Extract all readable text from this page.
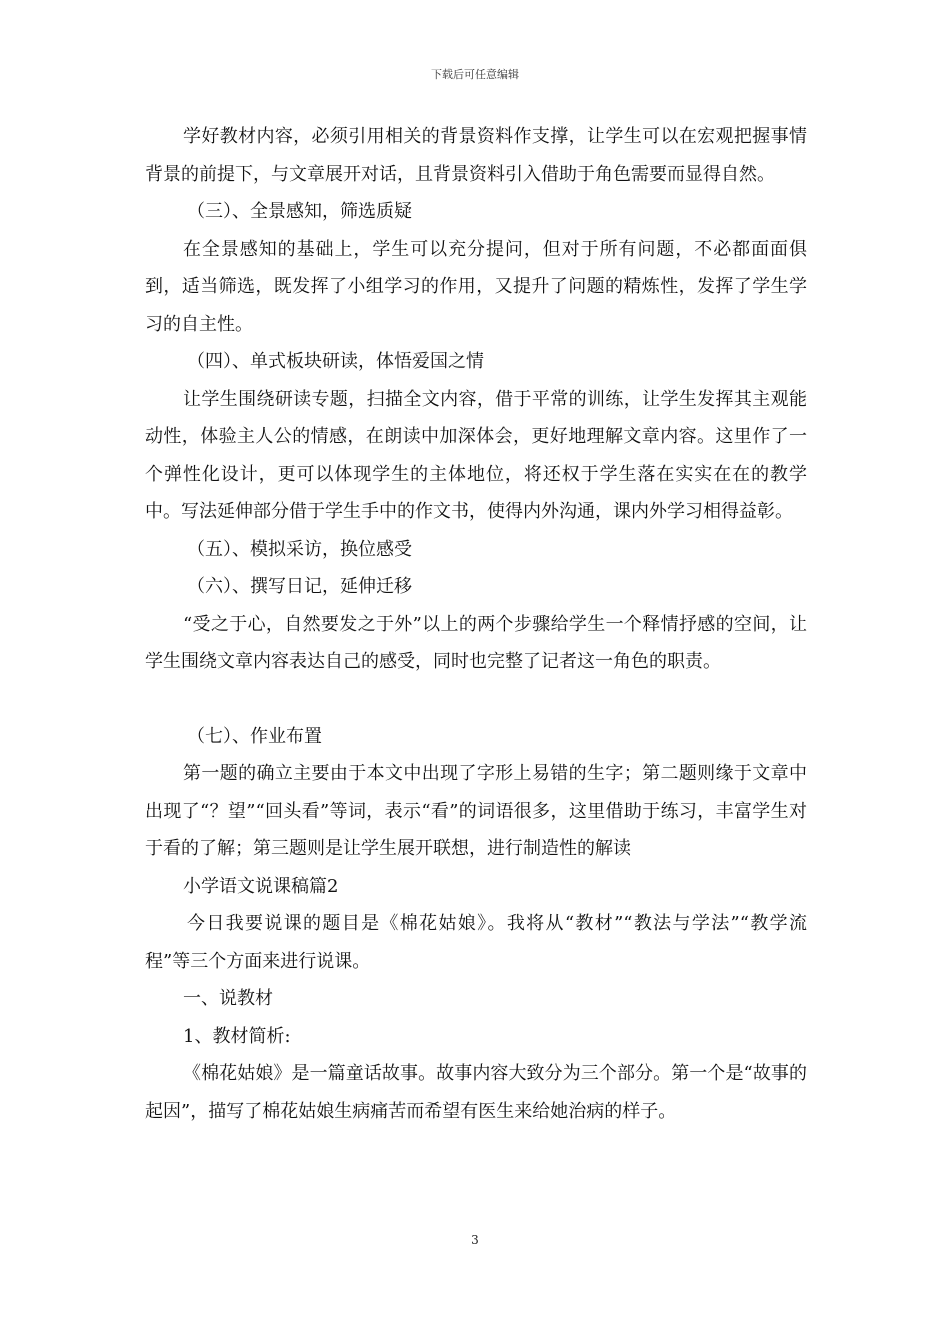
下载后可任意编辑

学好教材内容，必须引用相关的背景资料作支撑，让学生可以在宏观把握事情背景的前提下，与文章展开对话，且背景资料引入借助于角色需要而显得自然。

（三）、全景感知，筛选质疑

在全景感知的基础上，学生可以充分提问，但对于所有问题，不必都面面俱到，适当筛选，既发挥了小组学习的作用，又提升了问题的精炼性，发挥了学生学习的自主性。

（四）、单式板块研读，体悟爱国之情

让学生围绕研读专题，扫描全文内容，借于平常的训练，让学生发挥其主观能动性，体验主人公的情感，在朗读中加深体会，更好地理解文章内容。这里作了一个弹性化设计，更可以体现学生的主体地位，将还权于学生落在实实在在的教学中。写法延伸部分借于学生手中的作文书，使得内外沟通，课内外学习相得益彰。

（五）、模拟采访，换位感受

（六）、撰写日记，延伸迁移

“受之于心，自然要发之于外”以上的两个步骤给学生一个释情抒感的空间，让学生围绕文章内容表达自己的感受，同时也完整了记者这一角色的职责。

（七）、作业布置

第一题的确立主要由于本文中出现了字形上易错的生字；第二题则缘于文章中出现了“？望”“回头看”等词，表示“看”的词语很多，这里借助于练习，丰富学生对于看的了解；第三题则是让学生展开联想，进行制造性的解读

小学语文说课稿篇2

今日我要说课的题目是《棉花姑娘》。我将从“教材”“教法与学法”“教学流程”等三个方面来进行说课。

一、说教材

1、教材简析:

《棉花姑娘》是一篇童话故事。故事内容大致分为三个部分。第一个是“故事的起因”，描写了棉花姑娘生病痛苦而希望有医生来给她治病的样子。

3
